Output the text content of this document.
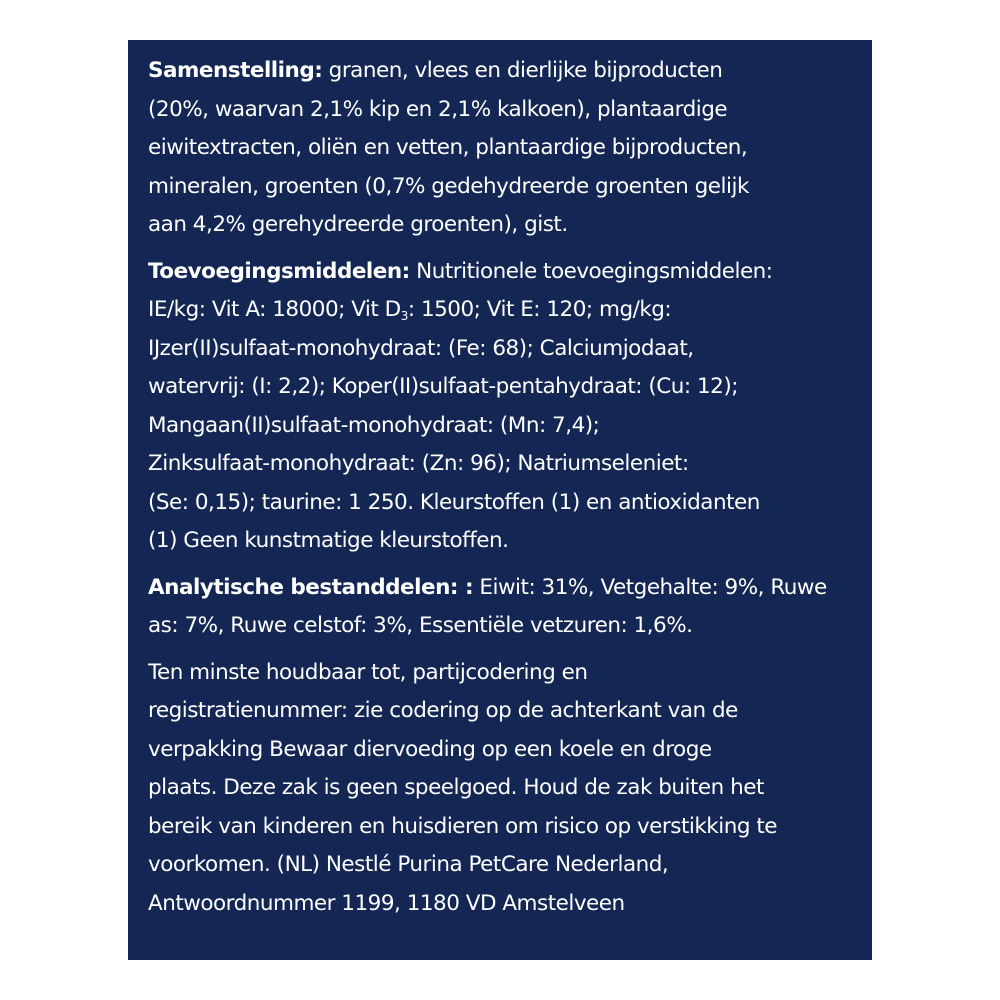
Samenstelling: granen, vlees en dierlijke bijproducten
(20%, waarvan 2,1% kip en 2,1% kalkoen), plantaardige
eiwitextracten, oliën en vetten, plantaardige bijproducten,
mineralen, groenten (0,7% gedehydreerde groenten gelijk
aan 4,2% gerehydreerde groenten), gist.
Toevoegingsmiddelen: Nutritionele toevoegingsmiddelen:
IE/kg: Vit A: 18000; Vit $D_3$: 1500; Vit E: 120; mg/kg:
IJzer(II)sulfaat-monohydraat: (Fe: 68); Calciumjodaat,
watervrij: (I: 2,2); Koper(II)sulfaat-pentahydraat: (Cu: 12);
Mangaan(II)sulfaat-monohydraat: (Mn: 7,4);
Zinksulfaat-monohydraat: (Zn: 96); Natriumseleniet:
(Se: 0,15); taurine: 1 250. Kleurstoffen (1) en antioxidanten
(1) Geen kunstmatige kleurstoffen.
Analytische bestanddelen: : Eiwit: 31%, Vetgehalte: 9%, Ruwe
as: 7%, Ruwe celstof: 3%, Essentiële vetzuren: 1,6%.
Ten minste houdbaar tot, partijcodering en
registratienummer: zie codering op de achterkant van de
verpakking Bewaar diervoeding op een koele en droge
plaats. Deze zak is geen speelgoed. Houd de zak buiten het
bereik van kinderen en huisdieren om risico op verstikking te
voorkomen. (NL) Nestlé Purina PetCare Nederland,
Antwoordnummer 1199, 1180 VD Amstelveen
